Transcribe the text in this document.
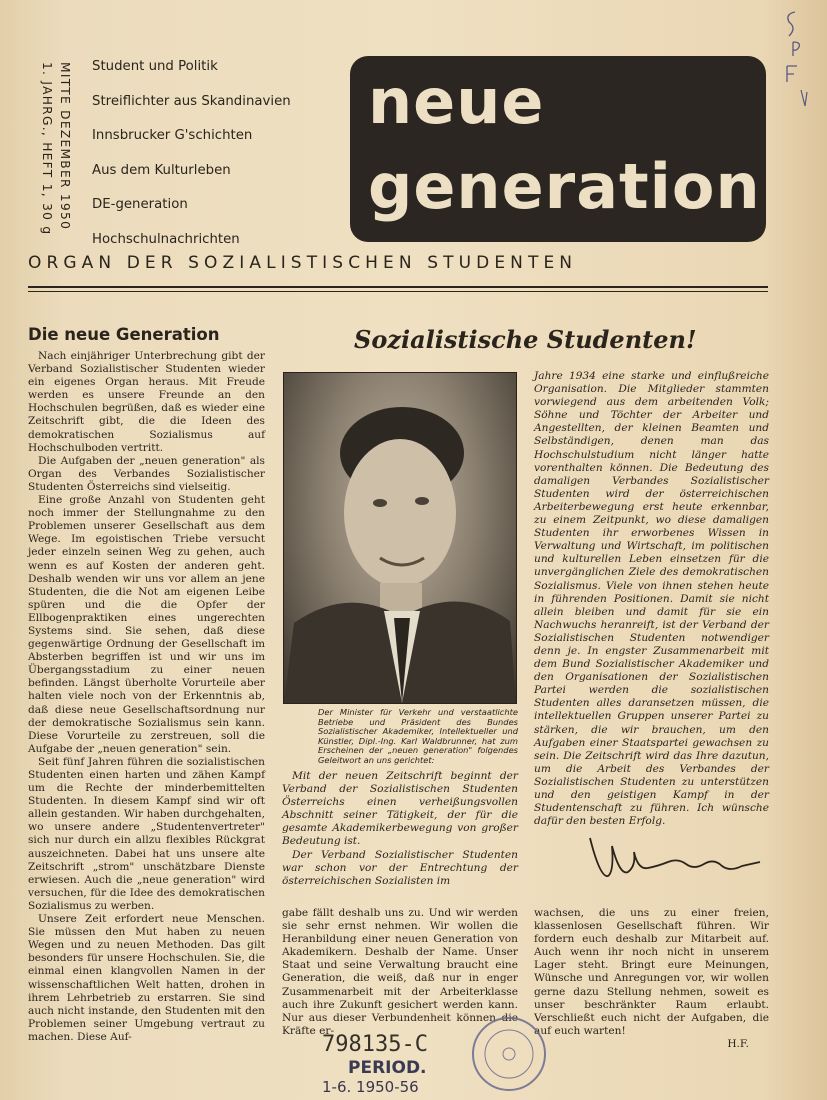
MITTE DEZEMBER 1950
1. JAHRG., HEFT 1, 30 g	Student und Politik
Streiflichter aus Skandinavien
Innsbrucker G'schichten
Aus dem Kulturleben
DE-generation
Hochschulnachrichten
neue
generation
ORGAN DER SOZIALISTISCHEN STUDENTEN
Die neue Generation

Nach einjähriger Unterbrechung gibt der Verband Sozialistischer Studenten wieder ein eigenes Organ heraus. Mit Freude werden es unsere Freunde an den Hochschulen begrüßen, daß es wieder eine Zeitschrift gibt, die die Ideen des demokratischen Sozialismus auf Hochschulboden vertritt.

Die Aufgaben der „neuen generation" als Organ des Verbandes Sozialistischer Studenten Österreichs sind vielseitig.

Eine große Anzahl von Studenten geht noch immer der Stellungnahme zu den Problemen unserer Gesellschaft aus dem Wege. Im egoistischen Triebe versucht jeder einzeln seinen Weg zu gehen, auch wenn es auf Kosten der anderen geht. Deshalb wenden wir uns vor allem an jene Studenten, die die Not am eigenen Leibe spüren und die die Opfer der Ellbogenpraktiken eines ungerechten Systems sind. Sie sehen, daß diese gegenwärtige Ordnung der Gesellschaft im Absterben begriffen ist und wir uns im Übergangsstadium zu einer neuen befinden. Längst überholte Vorurteile aber halten viele noch von der Erkenntnis ab, daß diese neue Gesellschaftsordnung nur der demokratische Sozialismus sein kann. Diese Vorurteile zu zerstreuen, soll die Aufgabe der „neuen generation" sein.

Seit fünf Jahren führen die sozialistischen Studenten einen harten und zähen Kampf um die Rechte der minderbemittelten Studenten. In diesem Kampf sind wir oft allein gestanden. Wir haben durchgehalten, wo unsere andere „Studentenvertreter" sich nur durch ein allzu flexibles Rückgrat auszeichneten. Dabei hat uns unsere alte Zeitschrift „strom" unschätzbare Dienste erwiesen. Auch die „neue generation" wird versuchen, für die Idee des demokratischen Sozialismus zu werben.

Unsere Zeit erfordert neue Menschen. Sie müssen den Mut haben zu neuen Wegen und zu neuen Methoden. Das gilt besonders für unsere Hochschulen. Sie, die einmal einen klangvollen Namen in der wissenschaftlichen Welt hatten, drohen in ihrem Lehrbetrieb zu erstarren. Sie sind auch nicht instande, den Studenten mit den Problemen seiner Umgebung vertraut zu machen. Diese Auf-

Sozialistische Studenten!
Der Minister für Verkehr und verstaatlichte Betriebe und Präsident des Bundes Sozialistischer Akademiker, Intellektueller und Künstler, Dipl.-Ing. Karl Waldbrunner, hat zum Erscheinen der „neuen generation" folgendes Geleitwort an uns gerichtet:

Mit der neuen Zeitschrift beginnt der Verband der Sozialistischen Studenten Österreichs einen verheißungsvollen Abschnitt seiner Tätigkeit, der für die gesamte Akademikerbewegung von großer Bedeutung ist.

Der Verband Sozialistischer Studenten war schon vor der Entrechtung der österreichischen Sozialisten im

Jahre 1934 eine starke und einflußreiche Organisation. Die Mitglieder stammten vorwiegend aus dem arbeitenden Volk; Söhne und Töchter der Arbeiter und Angestellten, der kleinen Beamten und Selbständigen, denen man das Hochschulstudium nicht länger hatte vorenthalten können. Die Bedeutung des damaligen Verbandes Sozialistischer Studenten wird der österreichischen Arbeiterbewegung erst heute erkennbar, zu einem Zeitpunkt, wo diese damaligen Studenten ihr erworbenes Wissen in Verwaltung und Wirtschaft, im politischen und kulturellen Leben einsetzen für die unvergänglichen Ziele des demokratischen Sozialismus. Viele von ihnen stehen heute in führenden Positionen. Damit sie nicht allein bleiben und damit für sie ein Nachwuchs heranreift, ist der Verband der Sozialistischen Studenten notwendiger denn je. In engster Zusammenarbeit mit dem Bund Sozialistischer Akademiker und den Organisationen der Sozialistischen Partei werden die sozialistischen Studenten alles daransetzen müssen, die intellektuellen Gruppen unserer Partei zu stärken, die wir brauchen, um den Aufgaben einer Staatspartei gewachsen zu sein. Die Zeitschrift wird das Ihre dazutun, um die Arbeit des Verbandes der Sozialistischen Studenten zu unterstützen und den geistigen Kampf in der Studentenschaft zu führen. Ich wünsche dafür den besten Erfolg.

gabe fällt deshalb uns zu. Und wir werden sie sehr ernst nehmen. Wir wollen die Heranbildung einer neuen Generation von Akademikern. Deshalb der Name. Unser Staat und seine Verwaltung braucht eine Generation, die weiß, daß nur in enger Zusammenarbeit mit der Arbeiterklasse auch ihre Zukunft gesichert werden kann. Nur aus dieser Verbundenheit können die Kräfte er-

wachsen, die uns zu einer freien, klassenlosen Gesellschaft führen. Wir fordern euch deshalb zur Mitarbeit auf. Auch wenn ihr noch nicht in unserem Lager steht. Bringt eure Meinungen, Wünsche und Anregungen vor, wir wollen gerne dazu Stellung nehmen, soweit es unser beschränkter Raum erlaubt. Verschließt euch nicht der Aufgaben, die auf euch warten!

H.F.
798135-C
PERIOD.
1-6. 1950-56
